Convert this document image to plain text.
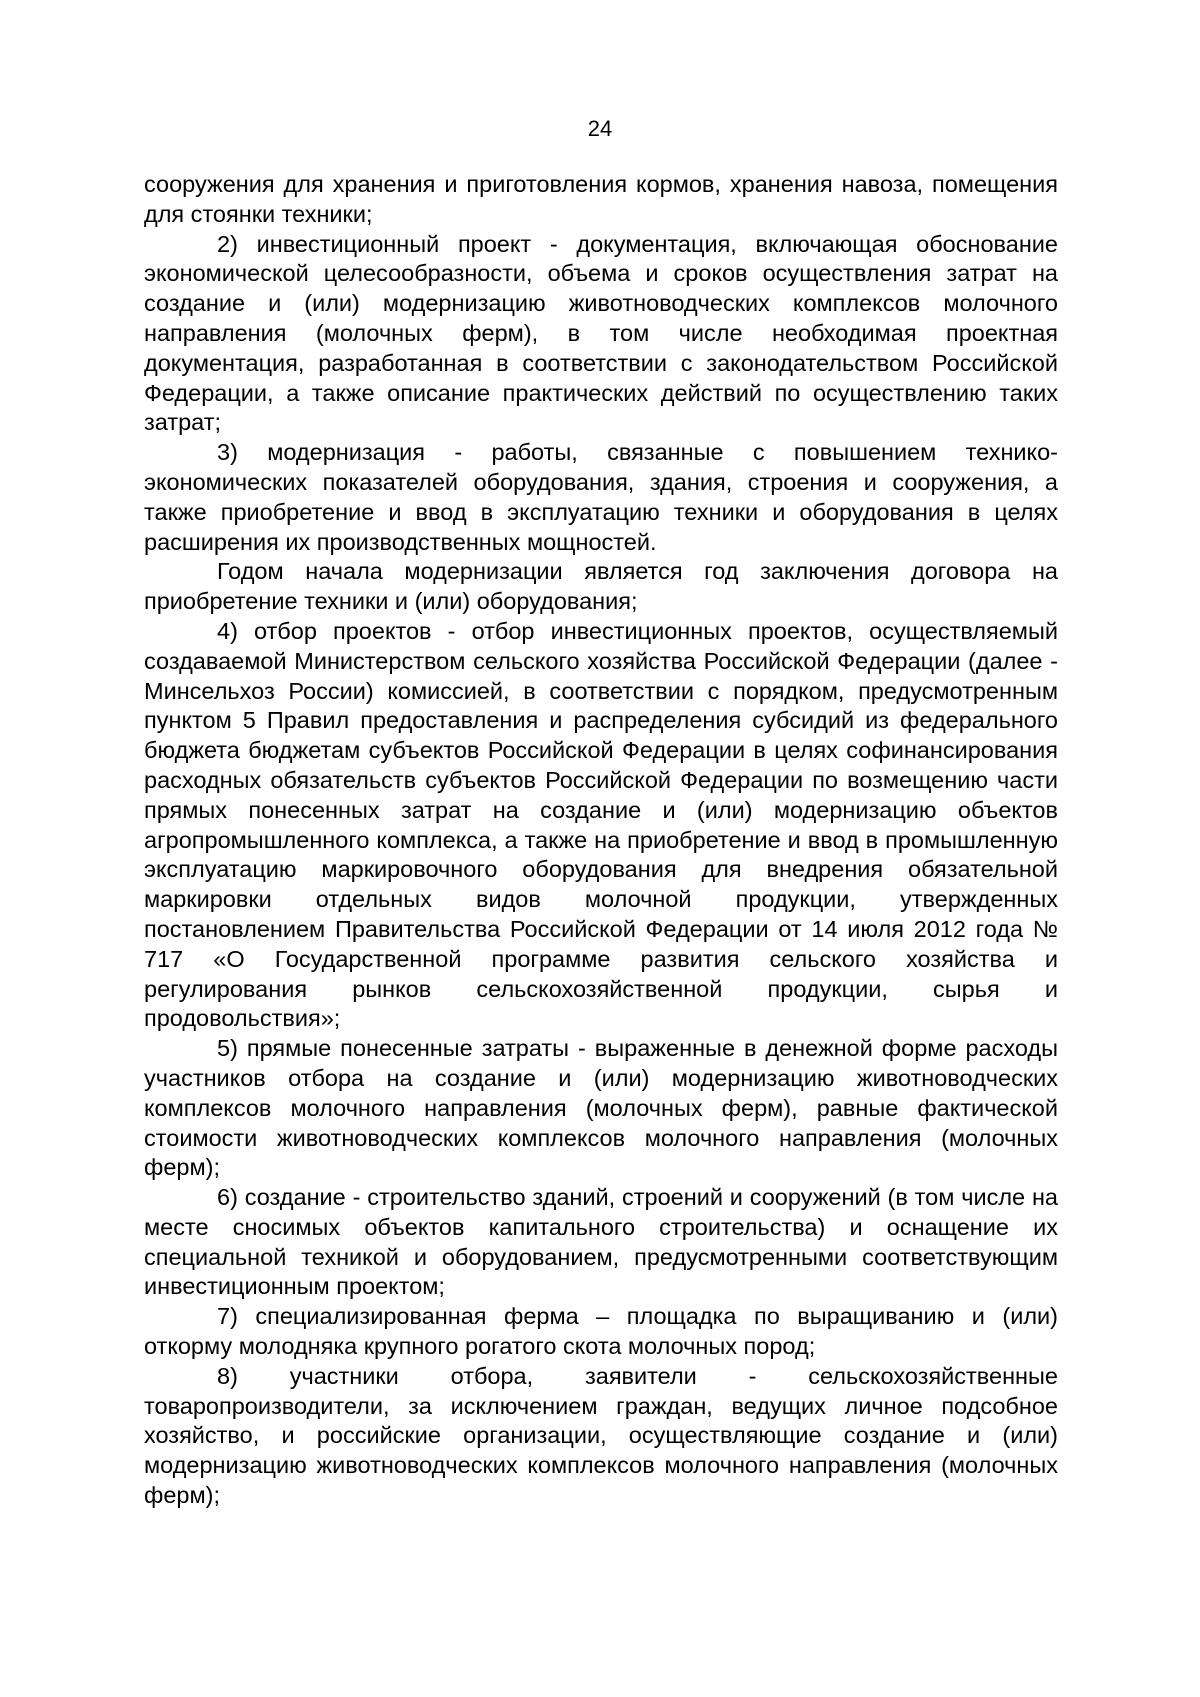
24

сооружения для хранения и приготовления кормов, хранения навоза, помещения для стоянки техники;

2) инвестиционный проект - документация, включающая обоснование экономической целесообразности, объема и сроков осуществления затрат на создание и (или) модернизацию животноводческих комплексов молочного направления (молочных ферм), в том числе необходимая проектная документация, разработанная в соответствии с законодательством Российской Федерации, а также описание практических действий по осуществлению таких затрат;

3) модернизация - работы, связанные с повышением технико-экономических показателей оборудования, здания, строения и сооружения, а также приобретение и ввод в эксплуатацию техники и оборудования в целях расширения их производственных мощностей.

Годом начала модернизации является год заключения договора на приобретение техники и (или) оборудования;

4) отбор проектов - отбор инвестиционных проектов, осуществляемый создаваемой Министерством сельского хозяйства Российской Федерации (далее - Минсельхоз России) комиссией, в соответствии с порядком, предусмотренным пунктом 5 Правил предоставления и распределения субсидий из федерального бюджета бюджетам субъектов Российской Федерации в целях софинансирования расходных обязательств субъектов Российской Федерации по возмещению части прямых понесенных затрат на создание и (или) модернизацию объектов агропромышленного комплекса, а также на приобретение и ввод в промышленную эксплуатацию маркировочного оборудования для внедрения обязательной маркировки отдельных видов молочной продукции, утвержденных постановлением Правительства Российской Федерации от 14 июля 2012 года № 717 «О Государственной программе развития сельского хозяйства и регулирования рынков сельскохозяйственной продукции, сырья и продовольствия»;

5) прямые понесенные затраты - выраженные в денежной форме расходы участников отбора на создание и (или) модернизацию животноводческих комплексов молочного направления (молочных ферм), равные фактической стоимости животноводческих комплексов молочного направления (молочных ферм);

6) создание - строительство зданий, строений и сооружений (в том числе на месте сносимых объектов капитального строительства) и оснащение их специальной техникой и оборудованием, предусмотренными соответствующим инвестиционным проектом;

7) специализированная ферма – площадка по выращиванию и (или) откорму молодняка крупного рогатого скота молочных пород;

8) участники отбора, заявители - сельскохозяйственные товаропроизводители, за исключением граждан, ведущих личное подсобное хозяйство, и российские организации, осуществляющие создание и (или) модернизацию животноводческих комплексов молочного направления (молочных ферм);
